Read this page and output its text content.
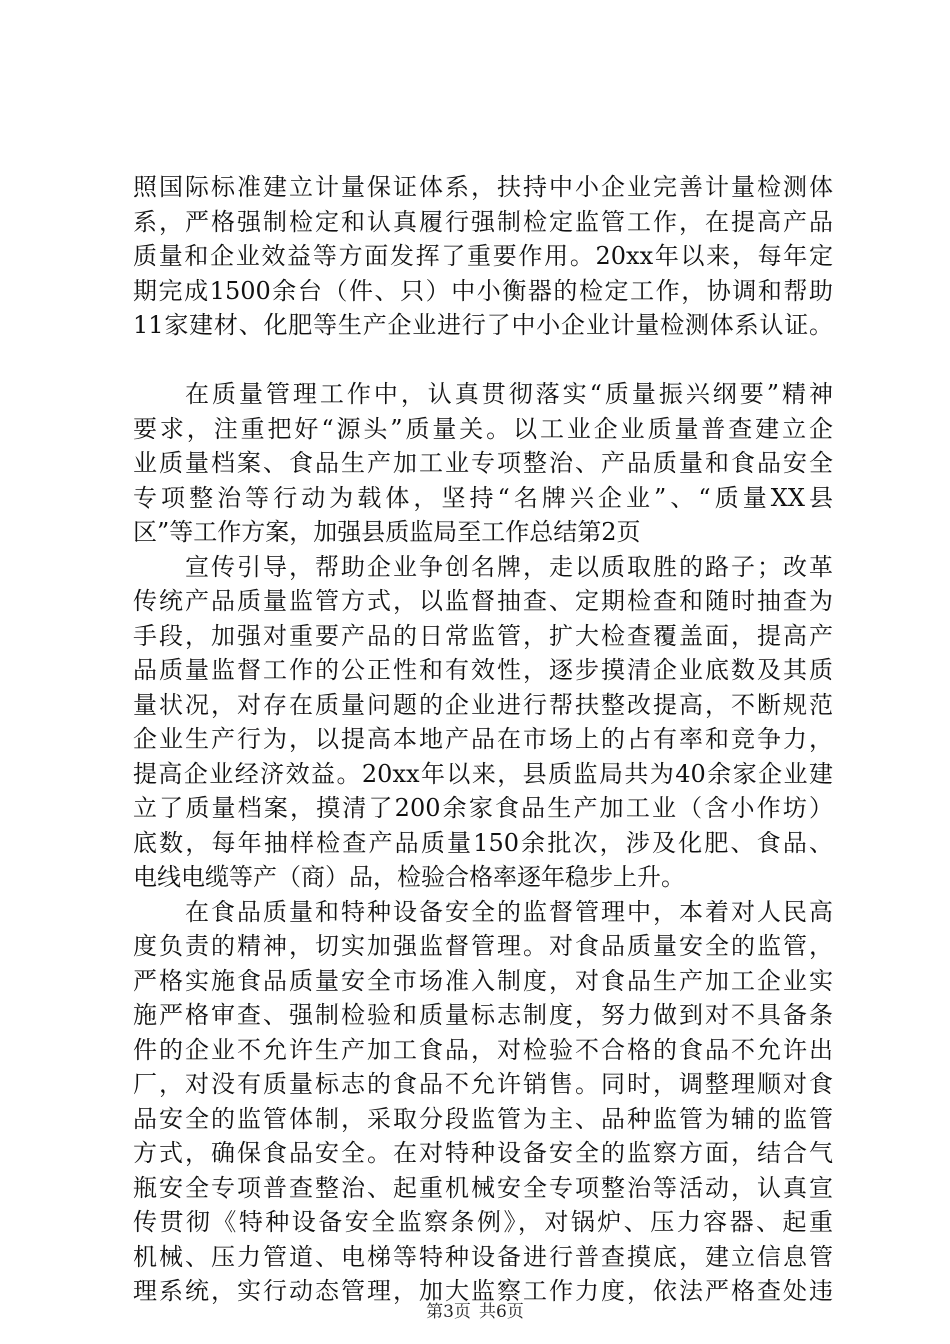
照国际标准建立计量保证体系，扶持中小企业完善计量检测体
系，严格强制检定和认真履行强制检定监管工作，在提高产品
质量和企业效益等方面发挥了重要作用。20xx年以来，每年定
期完成1500余台（件、只）中小衡器的检定工作，协调和帮助
11家建材、化肥等生产企业进行了中小企业计量检测体系认证。
在质量管理工作中，认真贯彻落实“质量振兴纲要”精神
要求，注重把好“源头”质量关。以工业企业质量普查建立企
业质量档案、食品生产加工业专项整治、产品质量和食品安全
专项整治等行动为载体，坚持“名牌兴企业”、“质量XX县
区”等工作方案，加强县质监局至工作总结第2页
宣传引导，帮助企业争创名牌，走以质取胜的路子；改革
传统产品质量监管方式，以监督抽查、定期检查和随时抽查为
手段，加强对重要产品的日常监管，扩大检查覆盖面，提高产
品质量监督工作的公正性和有效性，逐步摸清企业底数及其质
量状况，对存在质量问题的企业进行帮扶整改提高，不断规范
企业生产行为，以提高本地产品在市场上的占有率和竞争力，
提高企业经济效益。20xx年以来，县质监局共为40余家企业建
立了质量档案，摸清了200余家食品生产加工业（含小作坊）
底数，每年抽样检查产品质量150余批次，涉及化肥、食品、
电线电缆等产（商）品，检验合格率逐年稳步上升。
在食品质量和特种设备安全的监督管理中，本着对人民高
度负责的精神，切实加强监督管理。对食品质量安全的监管，
严格实施食品质量安全市场准入制度，对食品生产加工企业实
施严格审查、强制检验和质量标志制度，努力做到对不具备条
件的企业不允许生产加工食品，对检验不合格的食品不允许出
厂，对没有质量标志的食品不允许销售。同时，调整理顺对食
品安全的监管体制，采取分段监管为主、品种监管为辅的监管
方式，确保食品安全。在对特种设备安全的监察方面，结合气
瓶安全专项普查整治、起重机械安全专项整治等活动，认真宣
传贯彻《特种设备安全监察条例》，对锅炉、压力容器、起重
机械、压力管道、电梯等特种设备进行普查摸底，建立信息管
理系统，实行动态管理，加大监察工作力度，依法严格查处违
第3页 共6页
